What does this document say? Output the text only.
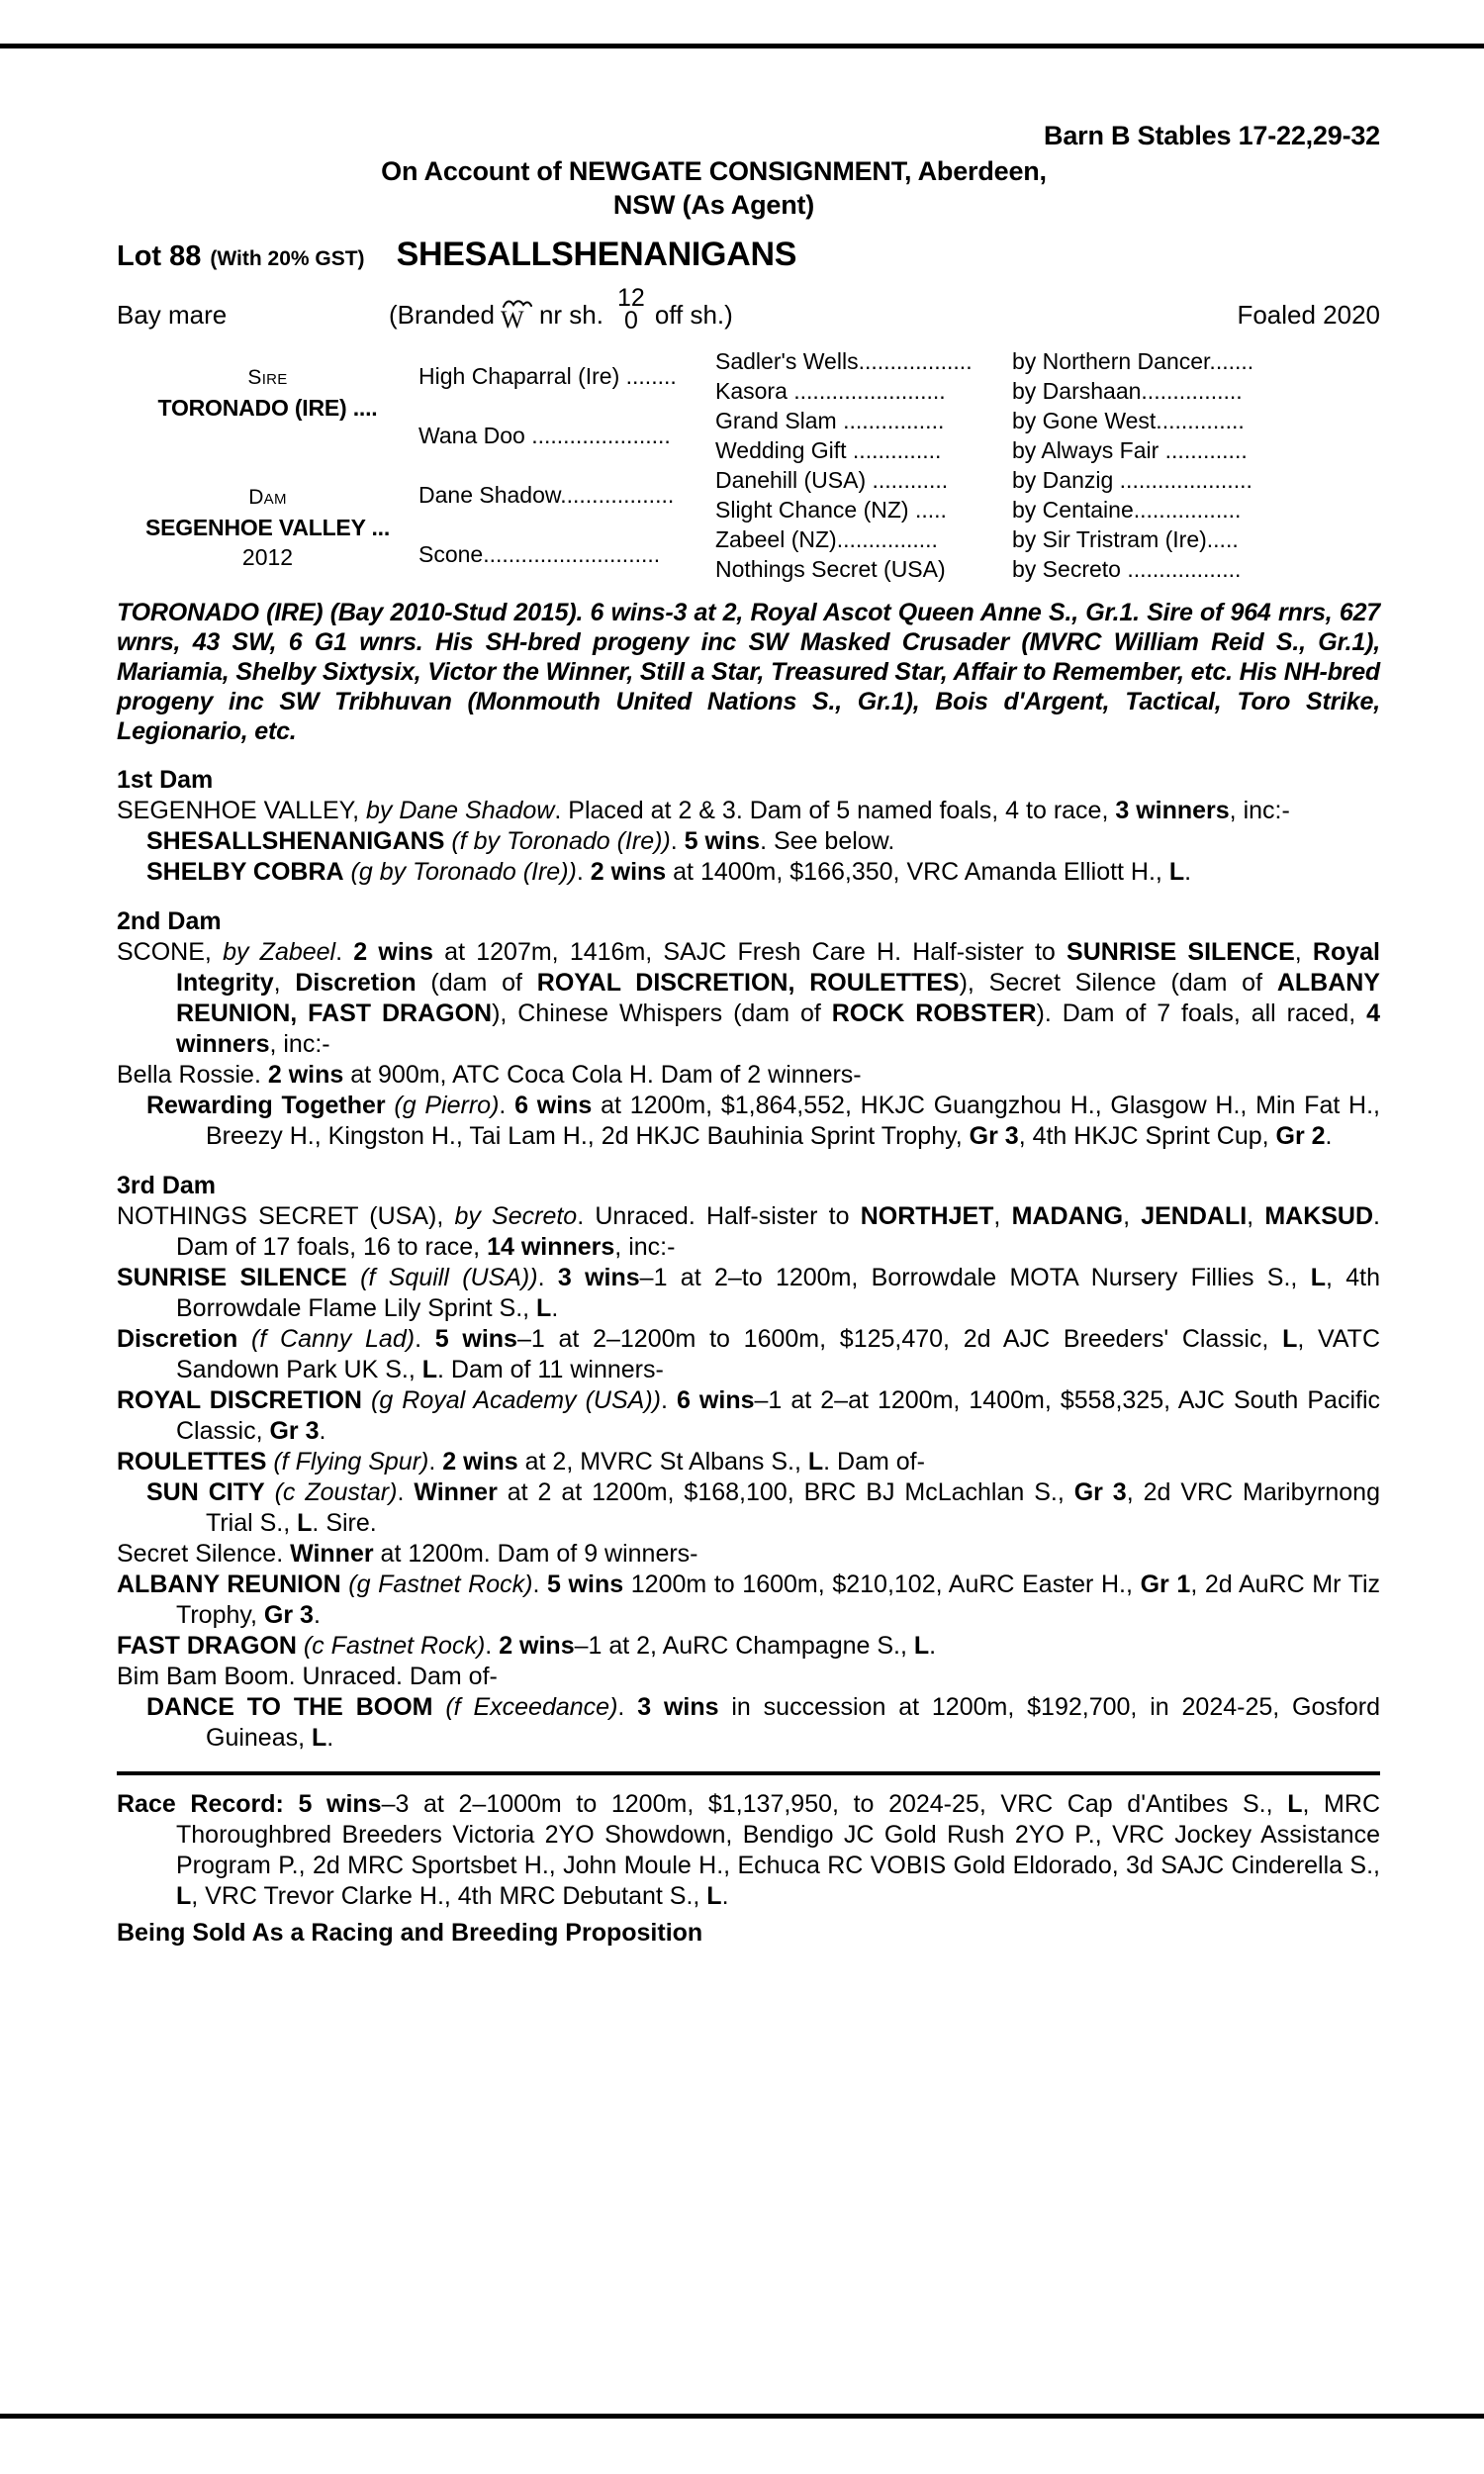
Barn B Stables 17-22,29-32
On Account of NEWGATE CONSIGNMENT, Aberdeen,
NSW (As Agent)
Lot 88 (With 20% GST) SHESALLSHENANIGANS
Bay mare	(Branded W nr sh.
12
0 off sh.)	Foaled 2020
Sire
TORONADO (IRE) ....
Dam
SEGENHOE VALLEY ...
2012
High Chaparral (Ire) ........
Wana Doo ......................
Dane Shadow..................
Scone............................
Sadler's Wells..................
Kasora ........................
Grand Slam ................
Wedding Gift ..............
Danehill (USA) ............
Slight Chance (NZ) .....
Zabeel (NZ)................
Nothings Secret (USA)
by Northern Dancer.......
by Darshaan................
by Gone West..............
by Always Fair .............
by Danzig .....................
by Centaine.................
by Sir Tristram (Ire).....
by Secreto ..................
TORONADO (IRE) (Bay 2010-Stud 2015). 6 wins-3 at 2, Royal Ascot Queen Anne S., Gr.1. Sire of 964 rnrs, 627 wnrs, 43 SW, 6 G1 wnrs. His SH-bred progeny inc SW Masked Crusader (MVRC William Reid S., Gr.1), Mariamia, Shelby Sixtysix, Victor the Winner, Still a Star, Treasured Star, Affair to Remember, etc. His NH-bred progeny inc SW Tribhuvan (Monmouth United Nations S., Gr.1), Bois d'Argent, Tactical, Toro Strike, Legionario, etc.
1st Dam
SEGENHOE VALLEY, by Dane Shadow. Placed at 2 & 3. Dam of 5 named foals, 4 to race, 3 winners, inc:-
SHESALLSHENANIGANS (f by Toronado (Ire)). 5 wins. See below.
SHELBY COBRA (g by Toronado (Ire)). 2 wins at 1400m, $166,350, VRC Amanda Elliott H., L.
2nd Dam
SCONE, by Zabeel. 2 wins at 1207m, 1416m, SAJC Fresh Care H. Half-sister to SUNRISE SILENCE, Royal Integrity, Discretion (dam of ROYAL DISCRETION, ROULETTES), Secret Silence (dam of ALBANY REUNION, FAST DRAGON), Chinese Whispers (dam of ROCK ROBSTER). Dam of 7 foals, all raced, 4 winners, inc:-
Bella Rossie. 2 wins at 900m, ATC Coca Cola H. Dam of 2 winners-
Rewarding Together (g Pierro). 6 wins at 1200m, $1,864,552, HKJC Guangzhou H., Glasgow H., Min Fat H., Breezy H., Kingston H., Tai Lam H., 2d HKJC Bauhinia Sprint Trophy, Gr 3, 4th HKJC Sprint Cup, Gr 2.
3rd Dam
NOTHINGS SECRET (USA), by Secreto. Unraced. Half-sister to NORTHJET, MADANG, JENDALI, MAKSUD. Dam of 17 foals, 16 to race, 14 winners, inc:-
SUNRISE SILENCE (f Squill (USA)). 3 wins–1 at 2–to 1200m, Borrowdale MOTA Nursery Fillies S., L, 4th Borrowdale Flame Lily Sprint S., L.
Discretion (f Canny Lad). 5 wins–1 at 2–1200m to 1600m, $125,470, 2d AJC Breeders' Classic, L, VATC Sandown Park UK S., L. Dam of 11 winners-
ROYAL DISCRETION (g Royal Academy (USA)). 6 wins–1 at 2–at 1200m, 1400m, $558,325, AJC South Pacific Classic, Gr 3.
ROULETTES (f Flying Spur). 2 wins at 2, MVRC St Albans S., L. Dam of-
SUN CITY (c Zoustar). Winner at 2 at 1200m, $168,100, BRC BJ McLachlan S., Gr 3, 2d VRC Maribyrnong Trial S., L. Sire.
Secret Silence. Winner at 1200m. Dam of 9 winners-
ALBANY REUNION (g Fastnet Rock). 5 wins 1200m to 1600m, $210,102, AuRC Easter H., Gr 1, 2d AuRC Mr Tiz Trophy, Gr 3.
FAST DRAGON (c Fastnet Rock). 2 wins–1 at 2, AuRC Champagne S., L.
Bim Bam Boom. Unraced. Dam of-
DANCE TO THE BOOM (f Exceedance). 3 wins in succession at 1200m, $192,700, in 2024-25, Gosford Guineas, L.
Race Record: 5 wins–3 at 2–1000m to 1200m, $1,137,950, to 2024-25, VRC Cap d'Antibes S., L, MRC Thoroughbred Breeders Victoria 2YO Showdown, Bendigo JC Gold Rush 2YO P., VRC Jockey Assistance Program P., 2d MRC Sportsbet H., John Moule H., Echuca RC VOBIS Gold Eldorado, 3d SAJC Cinderella S., L, VRC Trevor Clarke H., 4th MRC Debutant S., L.
Being Sold As a Racing and Breeding Proposition
